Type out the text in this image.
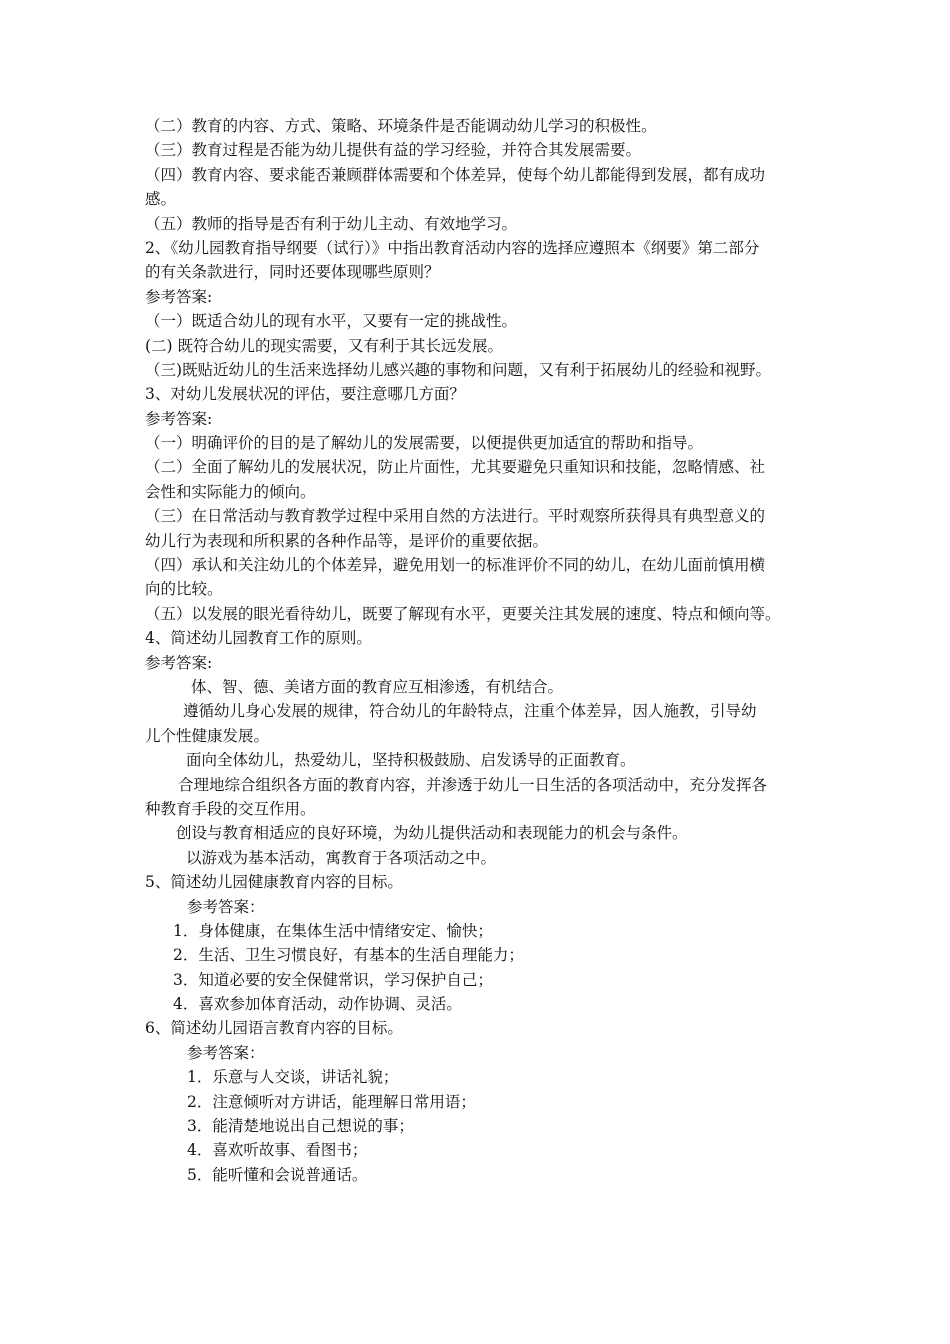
（二）教育的内容、方式、策略、环境条件是否能调动幼儿学习的积极性。
（三）教育过程是否能为幼儿提供有益的学习经验，并符合其发展需要。
（四）教育内容、要求能否兼顾群体需要和个体差异，使每个幼儿都能得到发展，都有成功
感。
（五）教师的指导是否有利于幼儿主动、有效地学习。
2、《幼儿园教育指导纲要（试行）》中指出教育活动内容的选择应遵照本《纲要》第二部分
的有关条款进行，同时还要体现哪些原则？
参考答案:
（一）既适合幼儿的现有水平，又要有一定的挑战性。
(二) 既符合幼儿的现实需要，又有利于其长远发展。
（三)既贴近幼儿的生活来选择幼儿感兴趣的事物和问题，又有利于拓展幼儿的经验和视野。
3、对幼儿发展状况的评估，要注意哪几方面？
参考答案:
（一）明确评价的目的是了解幼儿的发展需要，以便提供更加适宜的帮助和指导。
（二）全面了解幼儿的发展状况，防止片面性，尤其要避免只重知识和技能，忽略情感、社
会性和实际能力的倾向。
（三）在日常活动与教育教学过程中采用自然的方法进行。平时观察所获得具有典型意义的
幼儿行为表现和所积累的各种作品等，是评价的重要依据。
（四）承认和关注幼儿的个体差异，避免用划一的标准评价不同的幼儿，在幼儿面前慎用横
向的比较。
（五）以发展的眼光看待幼儿，既要了解现有水平，更要关注其发展的速度、特点和倾向等。
4、简述幼儿园教育工作的原则。
参考答案:
体、智、德、美诸方面的教育应互相渗透，有机结合。
遵循幼儿身心发展的规律，符合幼儿的年龄特点，注重个体差异，因人施教，引导幼
儿个性健康发展。
面向全体幼儿，热爱幼儿，坚持积极鼓励、启发诱导的正面教育。
合理地综合组织各方面的教育内容，并渗透于幼儿一日生活的各项活动中，充分发挥各
种教育手段的交互作用。
创设与教育相适应的良好环境，为幼儿提供活动和表现能力的机会与条件。
以游戏为基本活动，寓教育于各项活动之中。
5、简述幼儿园健康教育内容的目标。
参考答案：
1．身体健康，在集体生活中情绪安定、愉快；
2．生活、卫生习惯良好，有基本的生活自理能力；
3．知道必要的安全保健常识，学习保护自己；
4．喜欢参加体育活动，动作协调、灵活。
6、简述幼儿园语言教育内容的目标。
参考答案：
1．乐意与人交谈，讲话礼貌；
2．注意倾听对方讲话，能理解日常用语；
3．能清楚地说出自己想说的事；
4．喜欢听故事、看图书；
5．能听懂和会说普通话。
